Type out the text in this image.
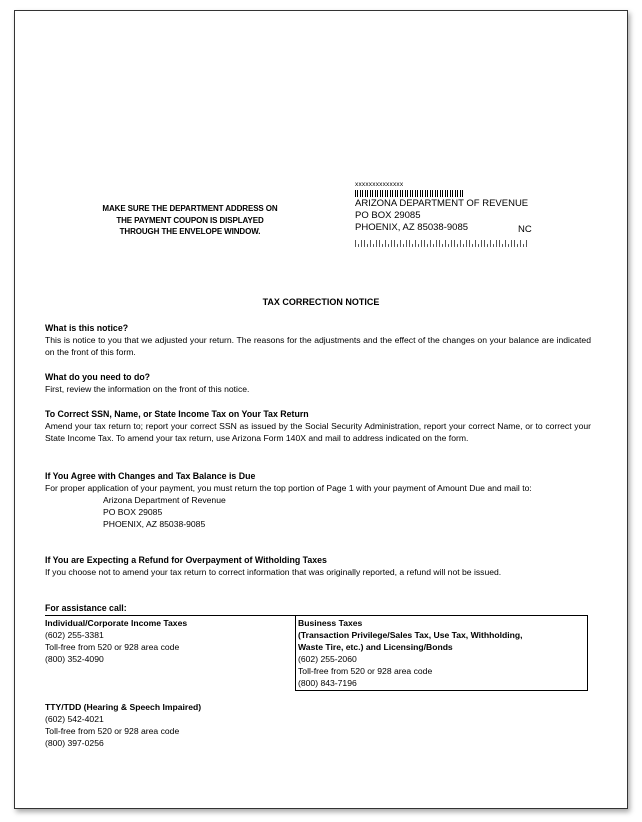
MAKE SURE THE DEPARTMENT ADDRESS ON
THE PAYMENT COUPON IS DISPLAYED
THROUGH THE ENVELOPE WINDOW.
xxxxxxxxxxxxxx
ARIZONA DEPARTMENT OF REVENUE
PO BOX 29085
PHOENIX, AZ 85038-9085	NC
TAX CORRECTION NOTICE
What is this notice?

This is notice to you that we adjusted your return. The reasons for the adjustments and the effect of the changes on your balance are indicated on the front of this form.

What do you need to do?

First, review the information on the front of this notice.

To Correct SSN, Name, or State Income Tax on Your Tax Return

Amend your tax return to; report your correct SSN as issued by the Social Security Administration, report your correct Name, or to correct your State Income Tax. To amend your tax return, use Arizona Form 140X and mail to address indicated on the form.

If You Agree with Changes and Tax Balance is Due

For proper application of your payment, you must return the top portion of Page 1 with your payment of Amount Due and mail to:

Arizona Department of Revenue

PO BOX 29085

PHOENIX, AZ 85038-9085

If You are Expecting a Refund for Overpayment of Witholding Taxes

If you choose not to amend your tax return to correct information that was originally reported, a refund will not be issued.

For assistance call:
Individual/Corporate Income Taxes
(602) 255-3381
Toll-free from 520 or 928 area code
(800) 352-4090

Business Taxes
(Transaction Privilege/Sales Tax, Use Tax, Withholding,
Waste Tire, etc.) and Licensing/Bonds
(602) 255-2060
Toll-free from 520 or 928 area code
(800) 843-7196
TTY/TDD (Hearing & Speech Impaired)
(602) 542-4021
Toll-free from 520 or 928 area code
(800) 397-0256
